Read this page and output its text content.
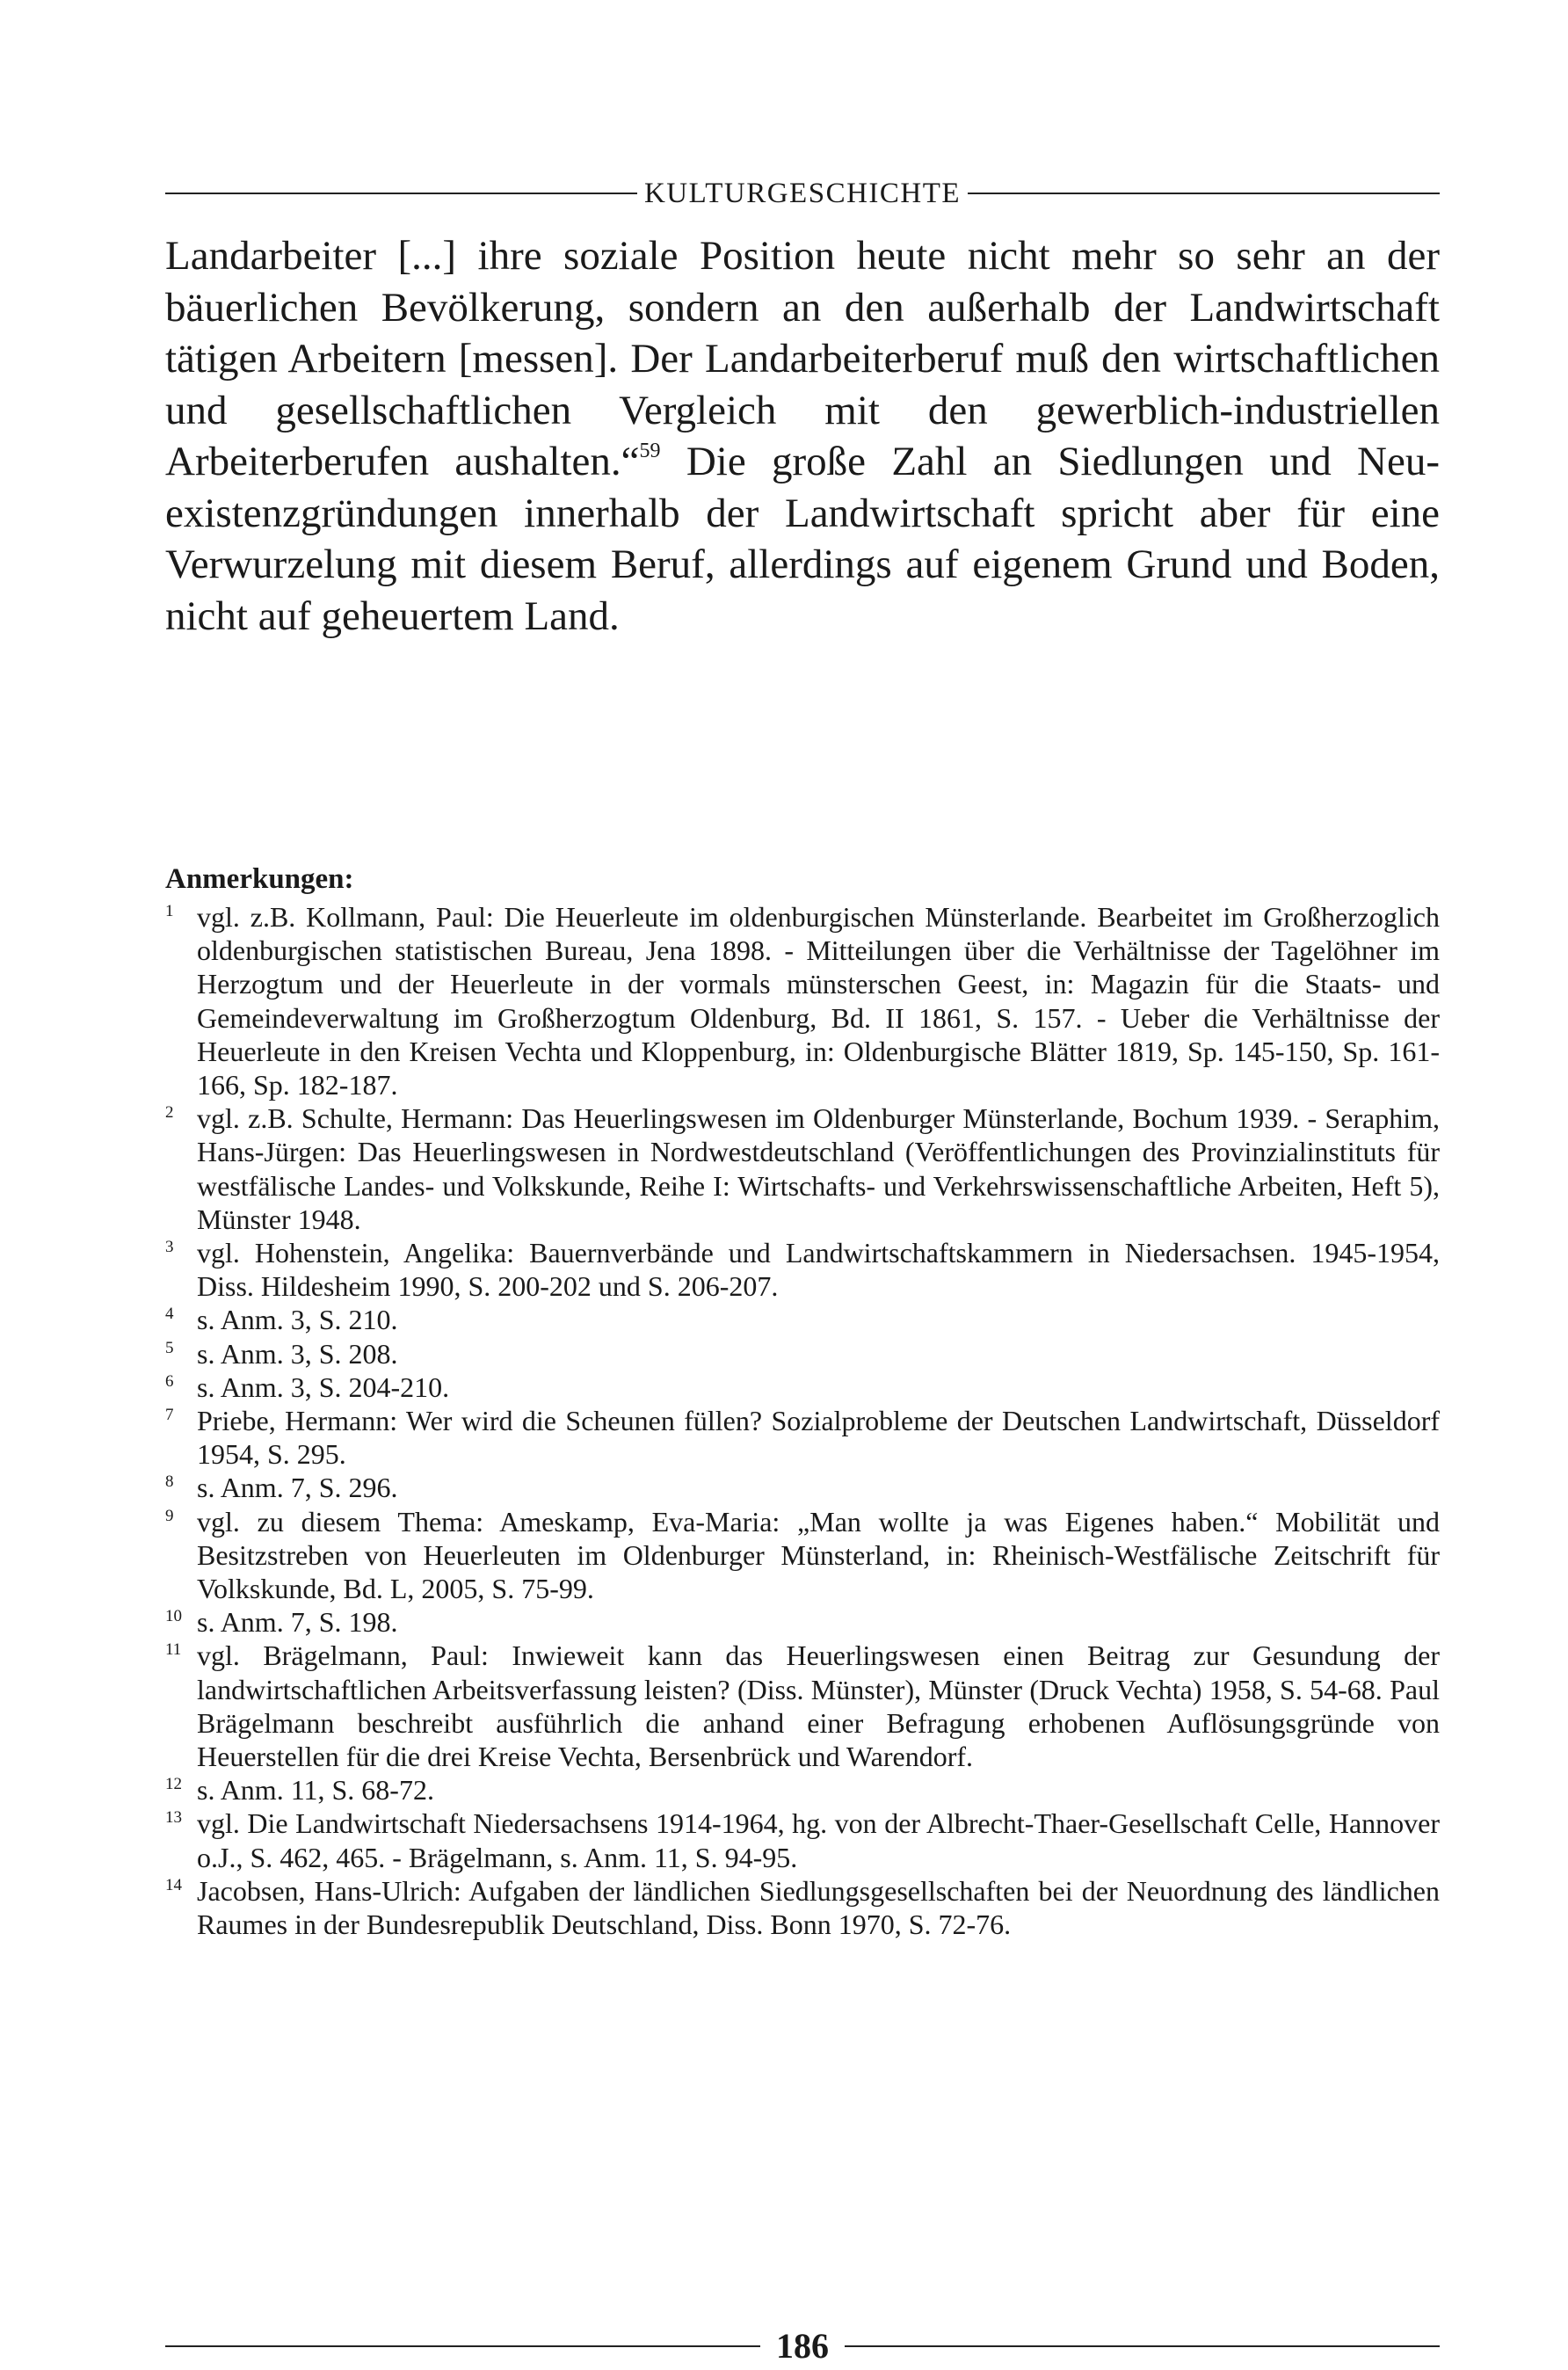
KULTURGESCHICHTE

Landarbeiter [...] ihre soziale Position heute nicht mehr so sehr an der bäuerlichen Bevölkerung, sondern an den außerhalb der Landwirtschaft tätigen Arbeitern [messen]. Der Landarbeiterberuf muß den wirtschaftlichen und gesellschaftlichen Vergleich mit den gewerblich-industriellen Arbeiterberufen aushalten.“$^{59}$ Die große Zahl an Siedlungen und Neuexistenzgründungen innerhalb der Landwirtschaft spricht aber für eine Verwurzelung mit diesem Beruf, allerdings auf eigenem Grund und Boden, nicht auf geheuertem Land.

Anmerkungen:
1 vgl. z.B. Kollmann, Paul: Die Heuerleute im oldenburgischen Münsterlande. Bearbeitet im Großherzoglich oldenburgischen statistischen Bureau, Jena 1898. - Mitteilungen über die Verhältnisse der Tagelöhner im Herzogtum und der Heuerleute in der vormals münsterschen Geest, in: Magazin für die Staats- und Gemeindeverwaltung im Großherzogtum Oldenburg, Bd. II 1861, S. 157. - Ueber die Verhältnisse der Heuerleute in den Kreisen Vechta und Kloppenburg, in: Oldenburgische Blätter 1819, Sp. 145-150, Sp. 161-166, Sp. 182-187.
2 vgl. z.B. Schulte, Hermann: Das Heuerlingswesen im Oldenburger Münsterlande, Bochum 1939. - Seraphim, Hans-Jürgen: Das Heuerlingswesen in Nordwestdeutschland (Veröffentlichungen des Provinzialinstituts für westfälische Landes- und Volkskunde, Reihe I: Wirtschafts- und Verkehrswissenschaftliche Arbeiten, Heft 5), Münster 1948.
3 vgl. Hohenstein, Angelika: Bauernverbände und Landwirtschaftskammern in Niedersachsen. 1945-1954, Diss. Hildesheim 1990, S. 200-202 und S. 206-207.
4 s. Anm. 3, S. 210.
5 s. Anm. 3, S. 208.
6 s. Anm. 3, S. 204-210.
7 Priebe, Hermann: Wer wird die Scheunen füllen? Sozialprobleme der Deutschen Landwirtschaft, Düsseldorf 1954, S. 295.
8 s. Anm. 7, S. 296.
9 vgl. zu diesem Thema: Ameskamp, Eva-Maria: „Man wollte ja was Eigenes haben.“ Mobilität und Besitzstreben von Heuerleuten im Oldenburger Münsterland, in: Rheinisch-Westfälische Zeitschrift für Volkskunde, Bd. L, 2005, S. 75-99.
10 s. Anm. 7, S. 198.
11 vgl. Brägelmann, Paul: Inwieweit kann das Heuerlingswesen einen Beitrag zur Gesundung der landwirtschaftlichen Arbeitsverfassung leisten? (Diss. Münster), Münster (Druck Vechta) 1958, S. 54-68. Paul Brägelmann beschreibt ausführlich die anhand einer Befragung erhobenen Auflösungsgründe von Heuerstellen für die drei Kreise Vechta, Bersenbrück und Warendorf.
12 s. Anm. 11, S. 68-72.
13 vgl. Die Landwirtschaft Niedersachsens 1914-1964, hg. von der Albrecht-Thaer-Gesellschaft Celle, Hannover o.J., S. 462, 465. - Brägelmann, s. Anm. 11, S. 94-95.
14 Jacobsen, Hans-Ulrich: Aufgaben der ländlichen Siedlungsgesellschaften bei der Neuordnung des ländlichen Raumes in der Bundesrepublik Deutschland, Diss. Bonn 1970, S. 72-76.
186
